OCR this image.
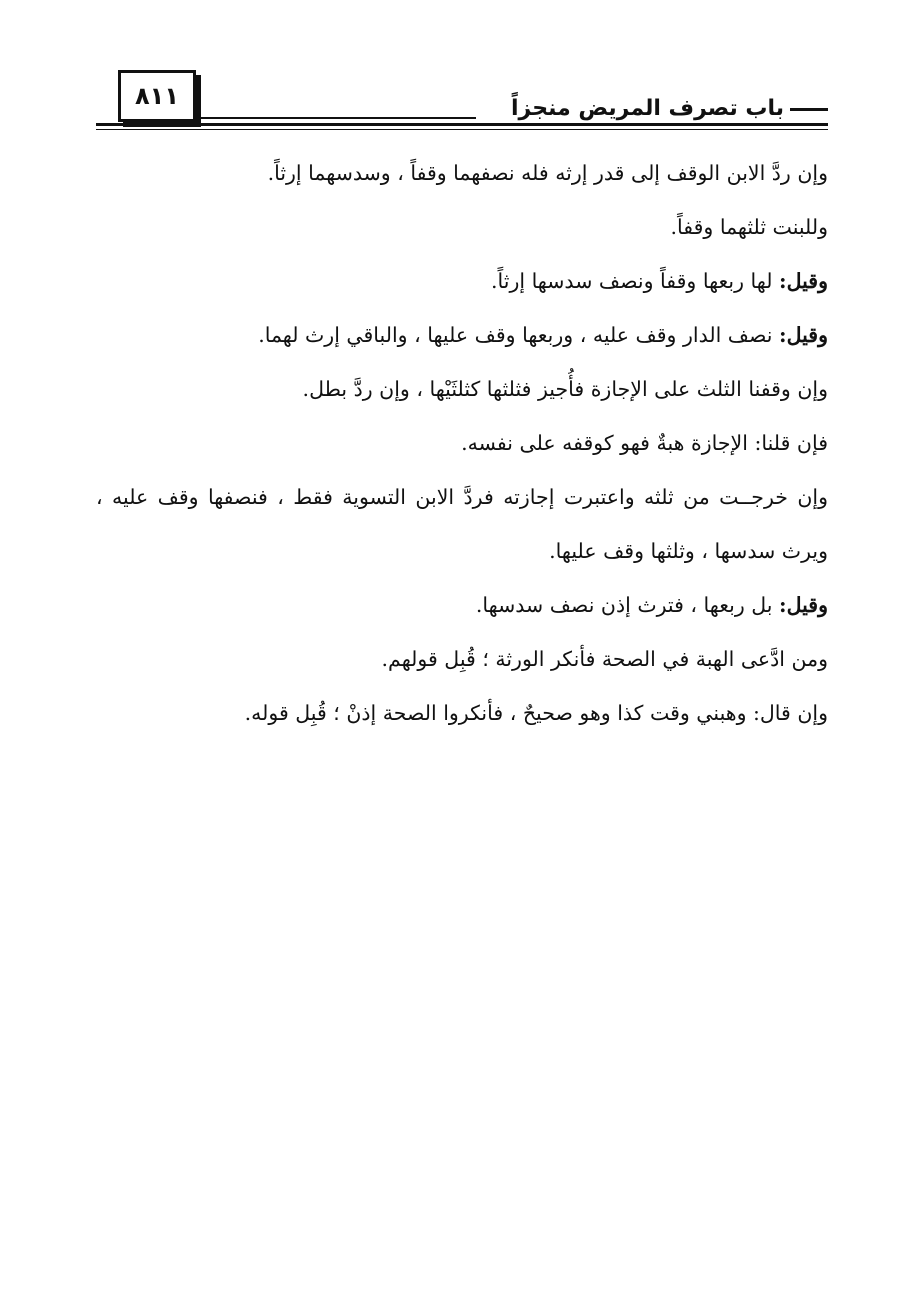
٨١١	باب تصرف المريض منجزاً

وإن ردَّ الابن الوقف إلى قدر إرثه فله نصفهما وقفاً ، وسدسهما إرثاً.

وللبنت ثلثهما وقفاً.

وقيل: لها ربعها وقفاً ونصف سدسها إرثاً.

وقيل: نصف الدار وقف عليه ، وربعها وقف عليها ، والباقي إرث لهما.

وإن وقفنا الثلث على الإجازة فأُجيز فثلثها كثلثَيْها ، وإن ردَّ بطل.

فإن قلنا: الإجازة هبةٌ فهو كوقفه على نفسه.

وإن خرجــت من ثلثه واعتبرت إجازته فردَّ الابن التسوية فقط ، فنصفها وقف عليه ، ويرث سدسها ، وثلثها وقف عليها.

وقيل: بل ربعها ، فترث إذن نصف سدسها.

ومن ادَّعى الهبة في الصحة فأنكر الورثة ؛ قُبِل قولهم.

وإن قال: وهبني وقت كذا وهو صحيحٌ ، فأنكروا الصحة إذنْ ؛ قُبِل قوله.
